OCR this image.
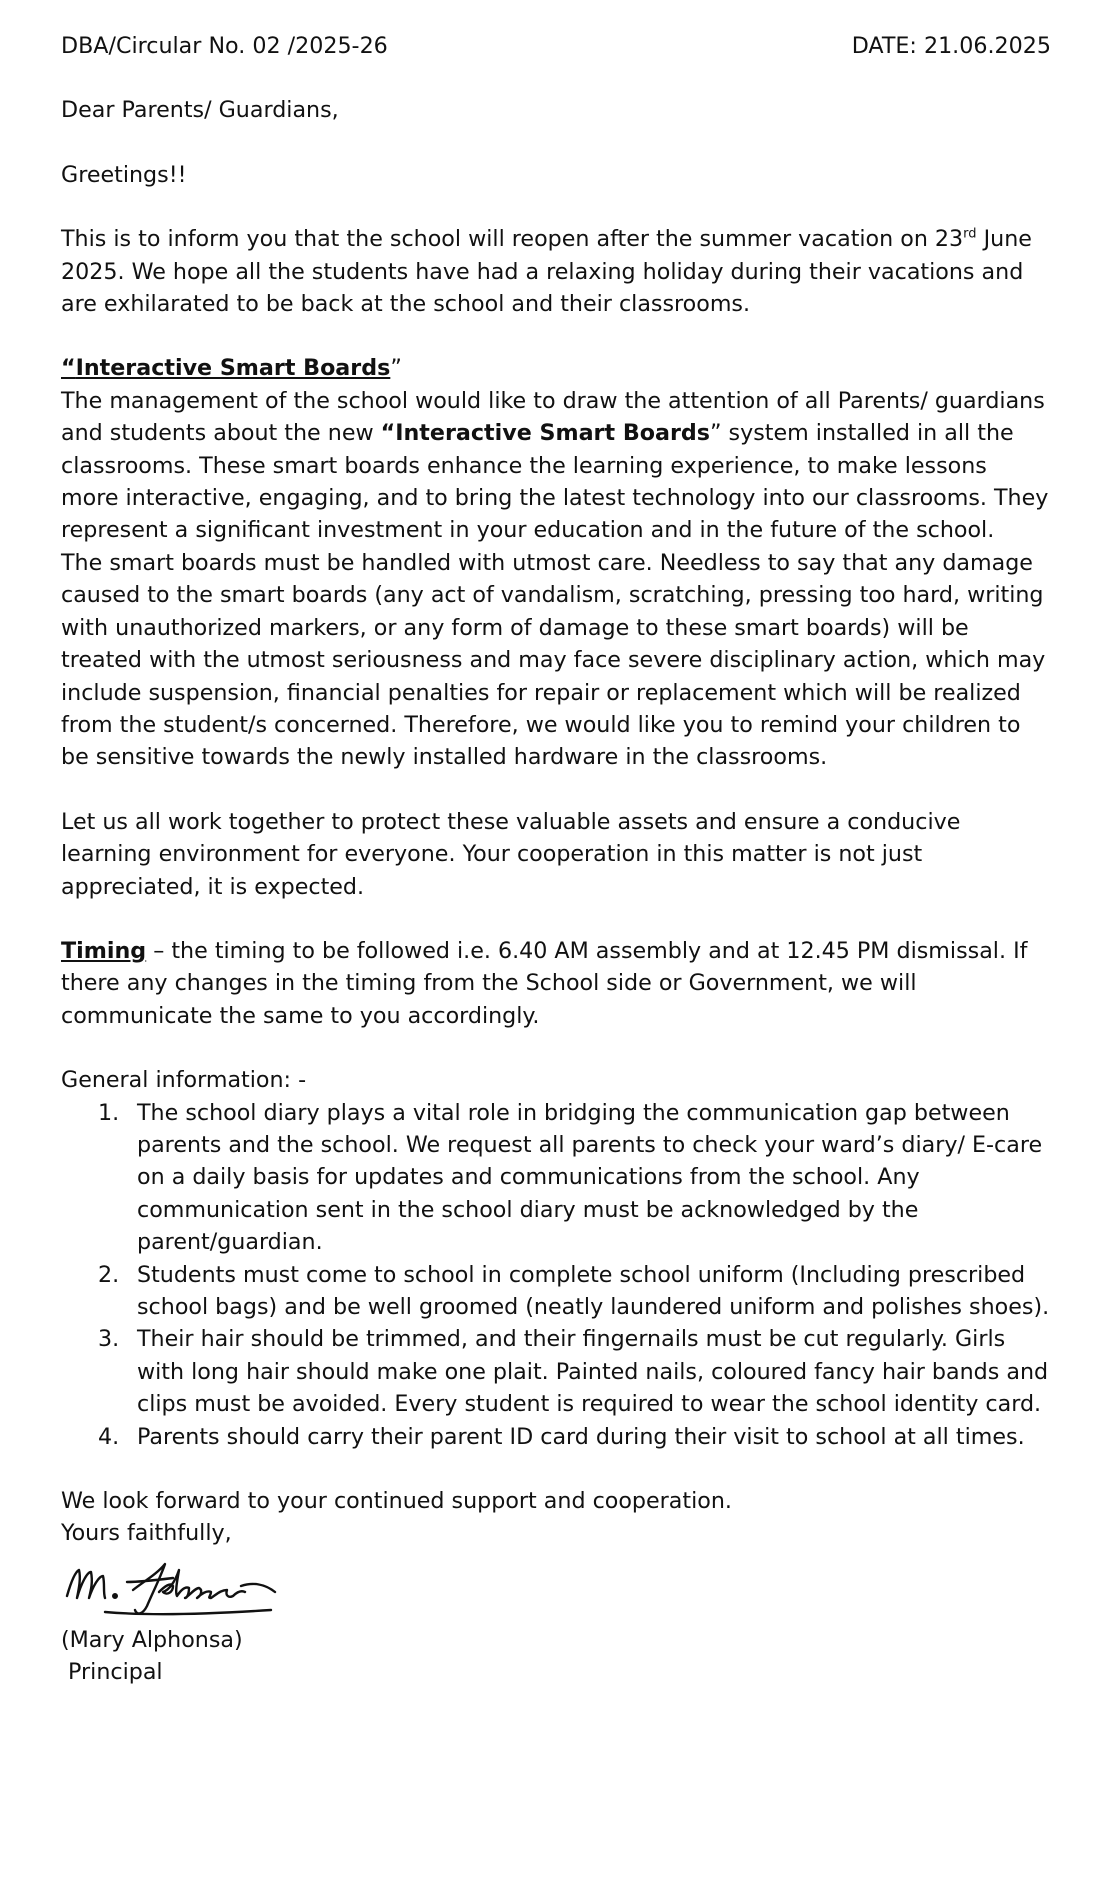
DBA/Circular No. 02 /2025-26	DATE: 21.06.2025

Dear Parents/ Guardians,

Greetings!!

This is to inform you that the school will reopen after the summer vacation on 23rd June 2025. We hope all the students have had a relaxing holiday during their vacations and are exhilarated to be back at the school and their classrooms.

“Interactive Smart Boards”
The management of the school would like to draw the attention of all Parents/ guardians and students about the new “Interactive Smart Boards” system installed in all the classrooms. These smart boards enhance the learning experience, to make lessons more interactive, engaging, and to bring the latest technology into our classrooms. They represent a significant investment in your education and in the future of the school.
The smart boards must be handled with utmost care. Needless to say that any damage caused to the smart boards (any act of vandalism, scratching, pressing too hard, writing with unauthorized markers, or any form of damage to these smart boards) will be treated with the utmost seriousness and may face severe disciplinary action, which may include suspension, financial penalties for repair or replacement which will be realized from the student/s concerned. Therefore, we would like you to remind your children to be sensitive towards the newly installed hardware in the classrooms.

Let us all work together to protect these valuable assets and ensure a conducive learning environment for everyone. Your cooperation in this matter is not just appreciated, it is expected.

Timing – the timing to be followed i.e. 6.40 AM assembly and at 12.45 PM dismissal. If there any changes in the timing from the School side or Government, we will communicate the same to you accordingly.

General information: -
1. The school diary plays a vital role in bridging the communication gap between parents and the school. We request all parents to check your ward’s diary/ E-care on a daily basis for updates and communications from the school. Any communication sent in the school diary must be acknowledged by the parent/guardian.
2. Students must come to school in complete school uniform (Including prescribed school bags) and be well groomed (neatly laundered uniform and polishes shoes).
3. Their hair should be trimmed, and their fingernails must be cut regularly. Girls with long hair should make one plait. Painted nails, coloured fancy hair bands and clips must be avoided. Every student is required to wear the school identity card.
4. Parents should carry their parent ID card during their visit to school at all times.

We look forward to your continued support and cooperation.

Yours faithfully,

(Mary Alphonsa)

Principal
